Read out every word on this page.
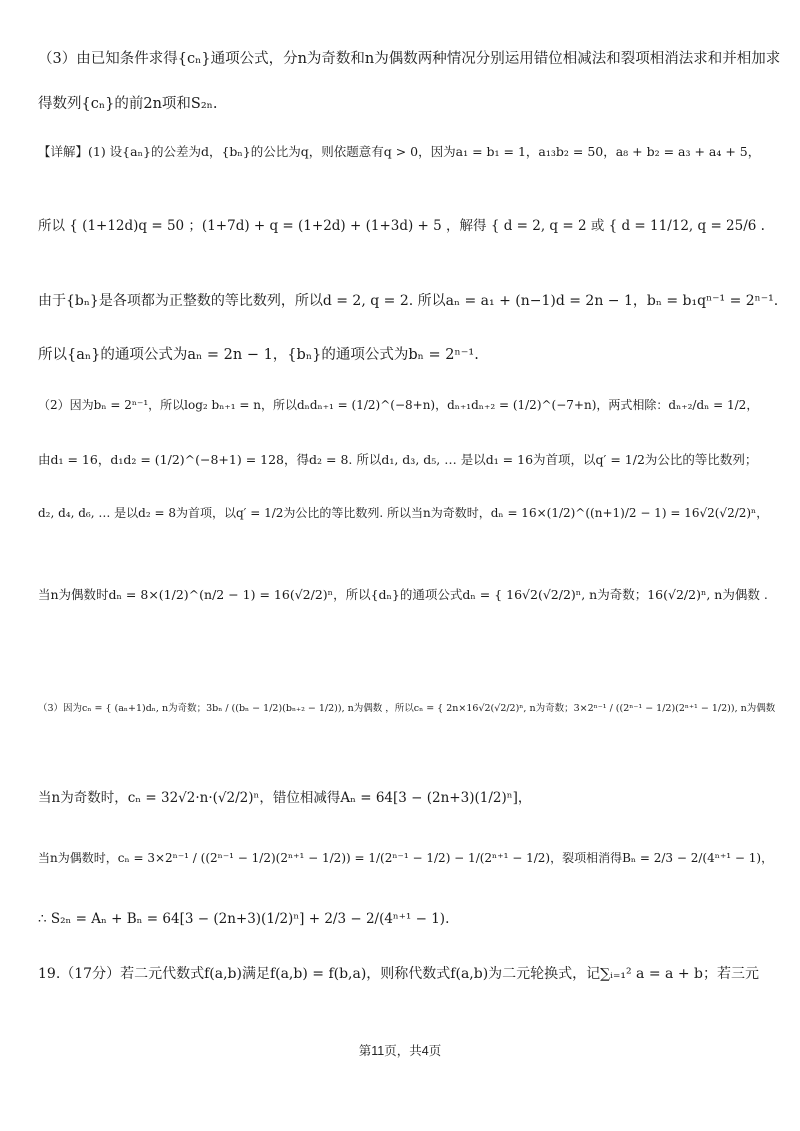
（3）由已知条件求得{cₙ}通项公式，分n为奇数和n为偶数两种情况分别运用错位相减法和裂项相消法求和并相加求
得数列{cₙ}的前2n项和S₂ₙ.
【详解】(1) 设{aₙ}的公差为d，{bₙ}的公比为q，则依题意有q > 0，因为a₁ = b₁ = 1，a₁₃b₂ = 50，a₈ + b₂ = a₃ + a₄ + 5，
所以 { (1+12d)q = 50 ；(1+7d) + q = (1+2d) + (1+3d) + 5 ，解得 { d = 2, q = 2 或 { d = 11/12, q = 25/6 .
由于{bₙ}是各项都为正整数的等比数列，所以d = 2, q = 2. 所以aₙ = a₁ + (n−1)d = 2n − 1，bₙ = b₁qⁿ⁻¹ = 2ⁿ⁻¹.
所以{aₙ}的通项公式为aₙ = 2n − 1，{bₙ}的通项公式为bₙ = 2ⁿ⁻¹.
（2）因为bₙ = 2ⁿ⁻¹，所以log₂ bₙ₊₁ = n，所以dₙdₙ₊₁ = (1/2)^(−8+n)，dₙ₊₁dₙ₊₂ = (1/2)^(−7+n)，两式相除：dₙ₊₂/dₙ = 1/2，
由d₁ = 16，d₁d₂ = (1/2)^(−8+1) = 128，得d₂ = 8. 所以d₁, d₃, d₅, … 是以d₁ = 16为首项，以q′ = 1/2为公比的等比数列；
d₂, d₄, d₆, … 是以d₂ = 8为首项，以q′ = 1/2为公比的等比数列. 所以当n为奇数时，dₙ = 16×(1/2)^((n+1)/2 − 1) = 16√2(√2/2)ⁿ，
当n为偶数时dₙ = 8×(1/2)^(n/2 − 1) = 16(√2/2)ⁿ，所以{dₙ}的通项公式dₙ = { 16√2(√2/2)ⁿ, n为奇数；16(√2/2)ⁿ, n为偶数 .
（3）因为cₙ = { (aₙ+1)dₙ, n为奇数；3bₙ / ((bₙ − 1/2)(bₙ₊₂ − 1/2)), n为偶数 ，所以cₙ = { 2n×16√2(√2/2)ⁿ, n为奇数；3×2ⁿ⁻¹ / ((2ⁿ⁻¹ − 1/2)(2ⁿ⁺¹ − 1/2)), n为偶数
当n为奇数时，cₙ = 32√2·n·(√2/2)ⁿ，错位相减得Aₙ = 64[3 − (2n+3)(1/2)ⁿ]，
当n为偶数时，cₙ = 3×2ⁿ⁻¹ / ((2ⁿ⁻¹ − 1/2)(2ⁿ⁺¹ − 1/2)) = 1/(2ⁿ⁻¹ − 1/2) − 1/(2ⁿ⁺¹ − 1/2)，裂项相消得Bₙ = 2/3 − 2/(4ⁿ⁺¹ − 1)，
∴ S₂ₙ = Aₙ + Bₙ = 64[3 − (2n+3)(1/2)ⁿ] + 2/3 − 2/(4ⁿ⁺¹ − 1).
19.（17分）若二元代数式f(a,b)满足f(a,b) = f(b,a)，则称代数式f(a,b)为二元轮换式，记∑ᵢ₌₁² a = a + b；若三元
第11页，共4页
